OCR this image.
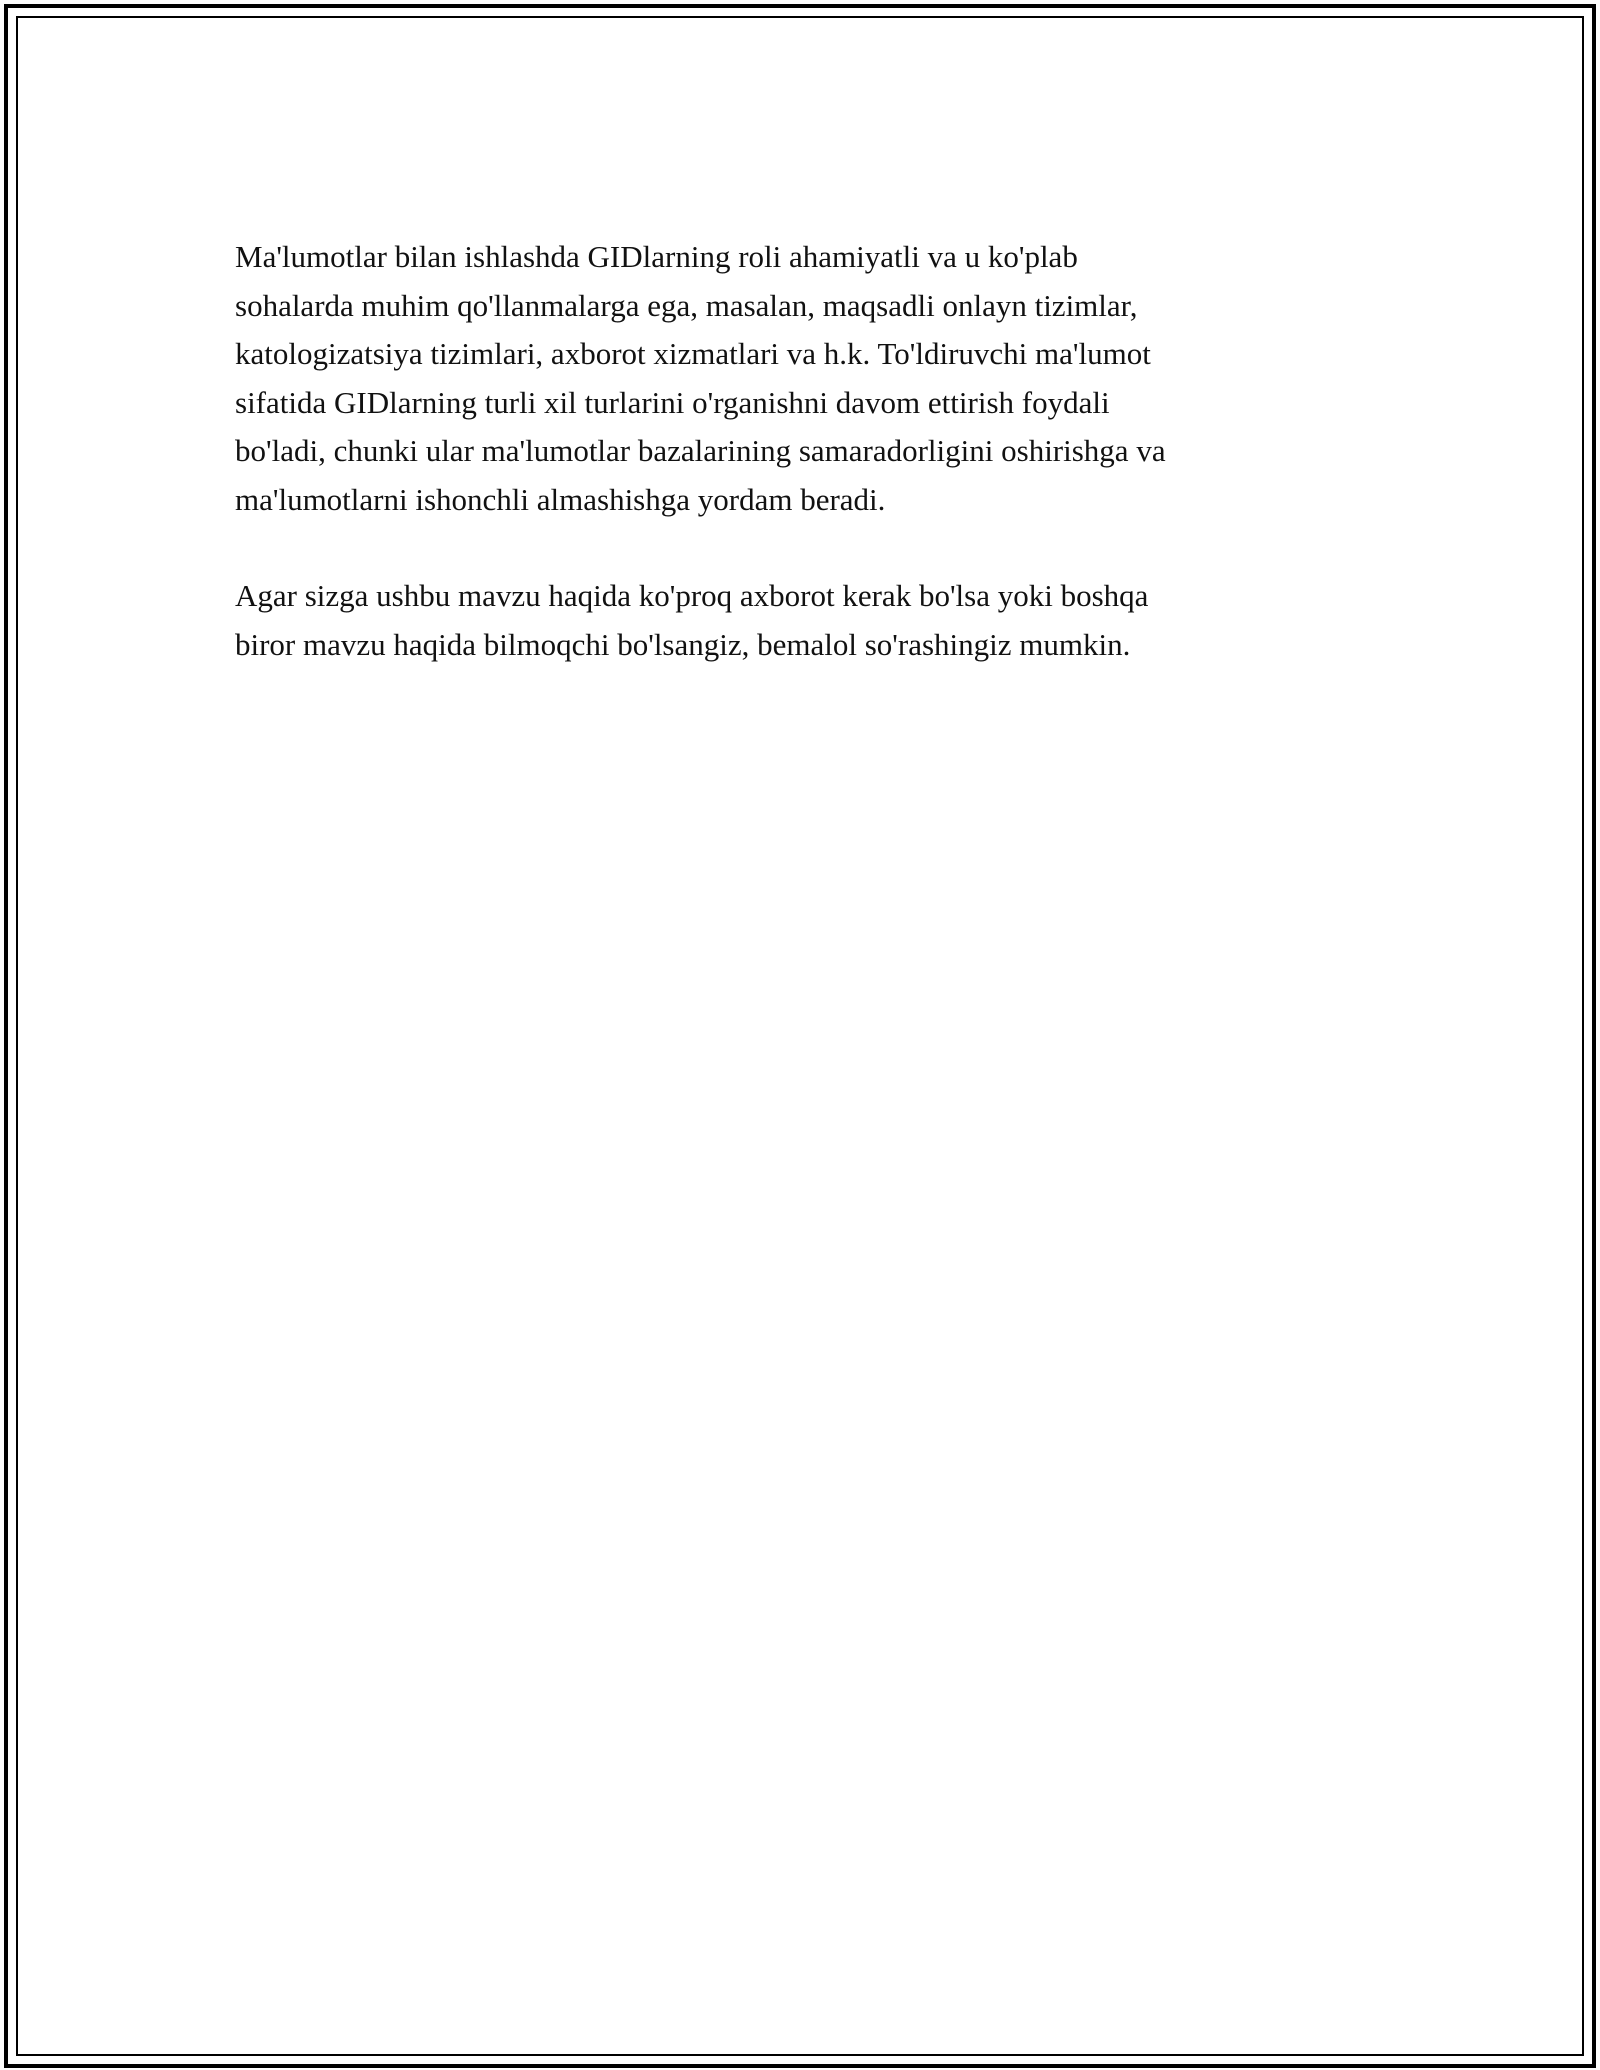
Ma'lumotlar bilan ishlashda GIDlarning roli ahamiyatli va u ko'plab
sohalarda muhim qo'llanmalarga ega, masalan, maqsadli onlayn tizimlar,
katologizatsiya tizimlari, axborot xizmatlari va h.k. To'ldiruvchi ma'lumot
sifatida GIDlarning turli xil turlarini o'rganishni davom ettirish foydali
bo'ladi, chunki ular ma'lumotlar bazalarining samaradorligini oshirishga va
ma'lumotlarni ishonchli almashishga yordam beradi.

Agar sizga ushbu mavzu haqida ko'proq axborot kerak bo'lsa yoki boshqa
biror mavzu haqida bilmoqchi bo'lsangiz, bemalol so'rashingiz mumkin.
